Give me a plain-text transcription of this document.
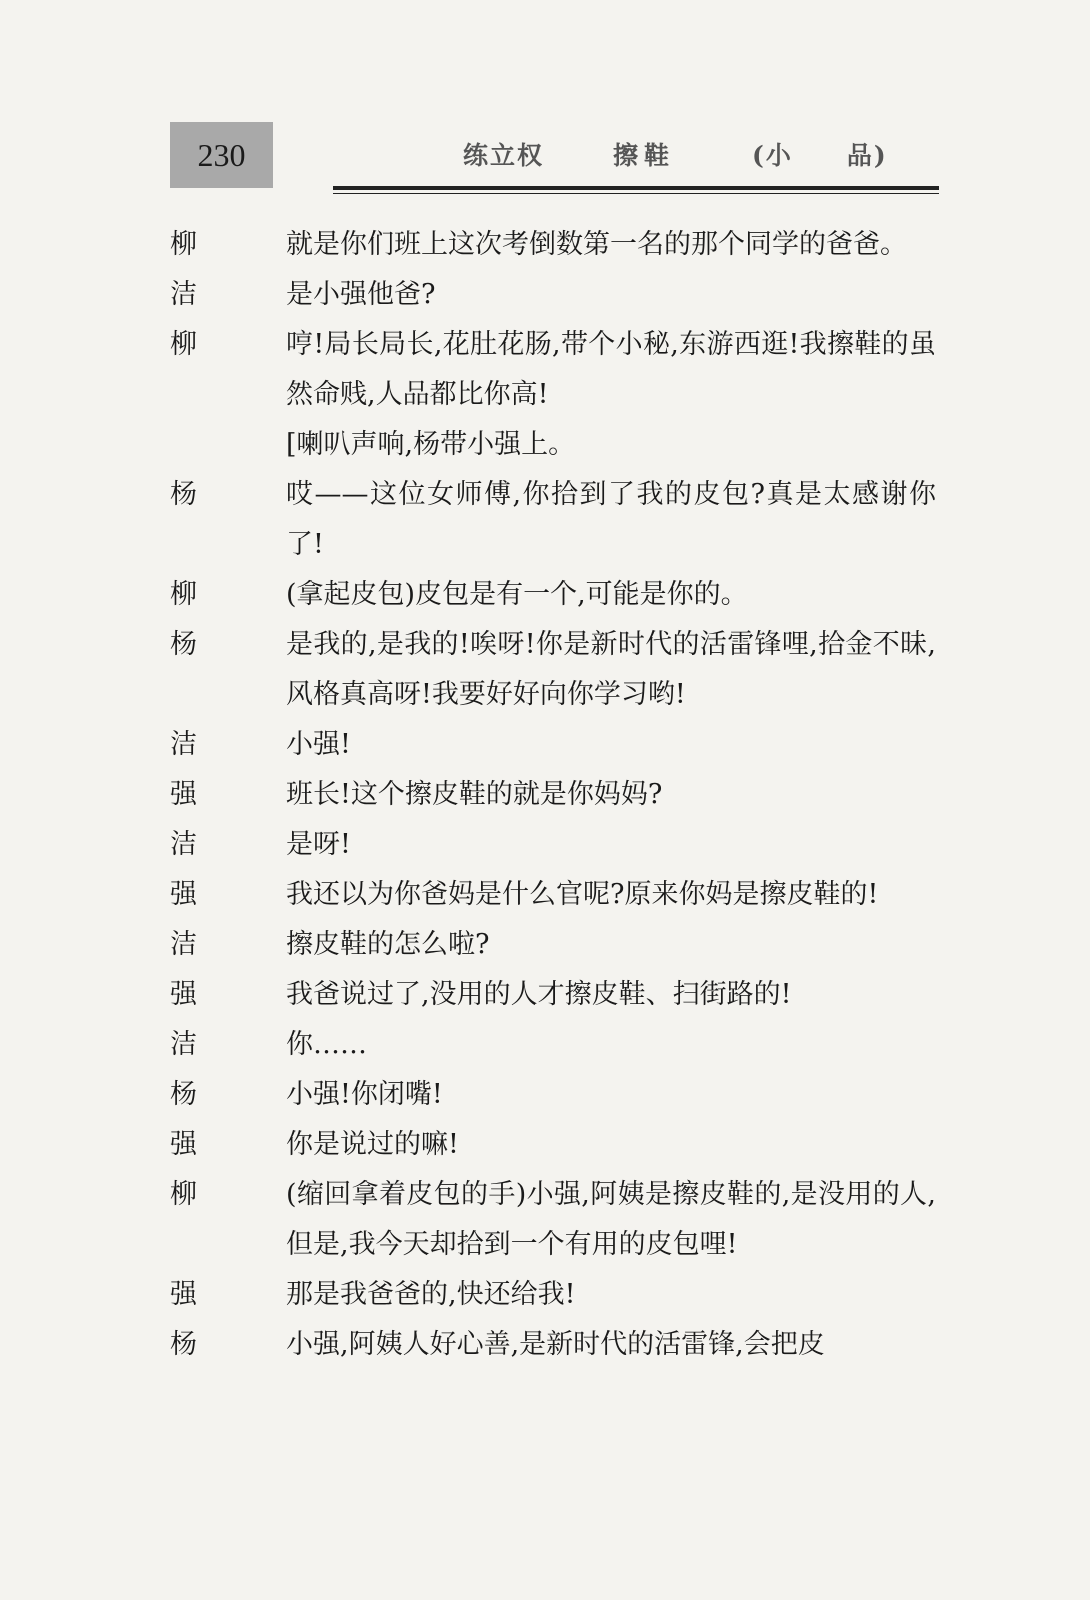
230	练立权	擦鞋	(小　　品)
柳	就是你们班上这次考倒数第一名的那个同学的爸爸。
洁	是小强他爸?
柳	哼!局长局长,花肚花肠,带个小秘,东游西逛!我擦鞋的虽然命贱,人品都比你高!
[喇叭声响,杨带小强上。
杨	哎——这位女师傅,你拾到了我的皮包?真是太感谢你了!
柳	(拿起皮包)皮包是有一个,可能是你的。
杨	是我的,是我的!唉呀!你是新时代的活雷锋哩,拾金不昧,风格真高呀!我要好好向你学习哟!
洁	小强!
强	班长!这个擦皮鞋的就是你妈妈?
洁	是呀!
强	我还以为你爸妈是什么官呢?原来你妈是擦皮鞋的!
洁	擦皮鞋的怎么啦?
强	我爸说过了,没用的人才擦皮鞋、扫街路的!
洁	你……
杨	小强!你闭嘴!
强	你是说过的嘛!
柳	(缩回拿着皮包的手)小强,阿姨是擦皮鞋的,是没用的人,但是,我今天却拾到一个有用的皮包哩!
强	那是我爸爸的,快还给我!
杨	小强,阿姨人好心善,是新时代的活雷锋,会把皮
